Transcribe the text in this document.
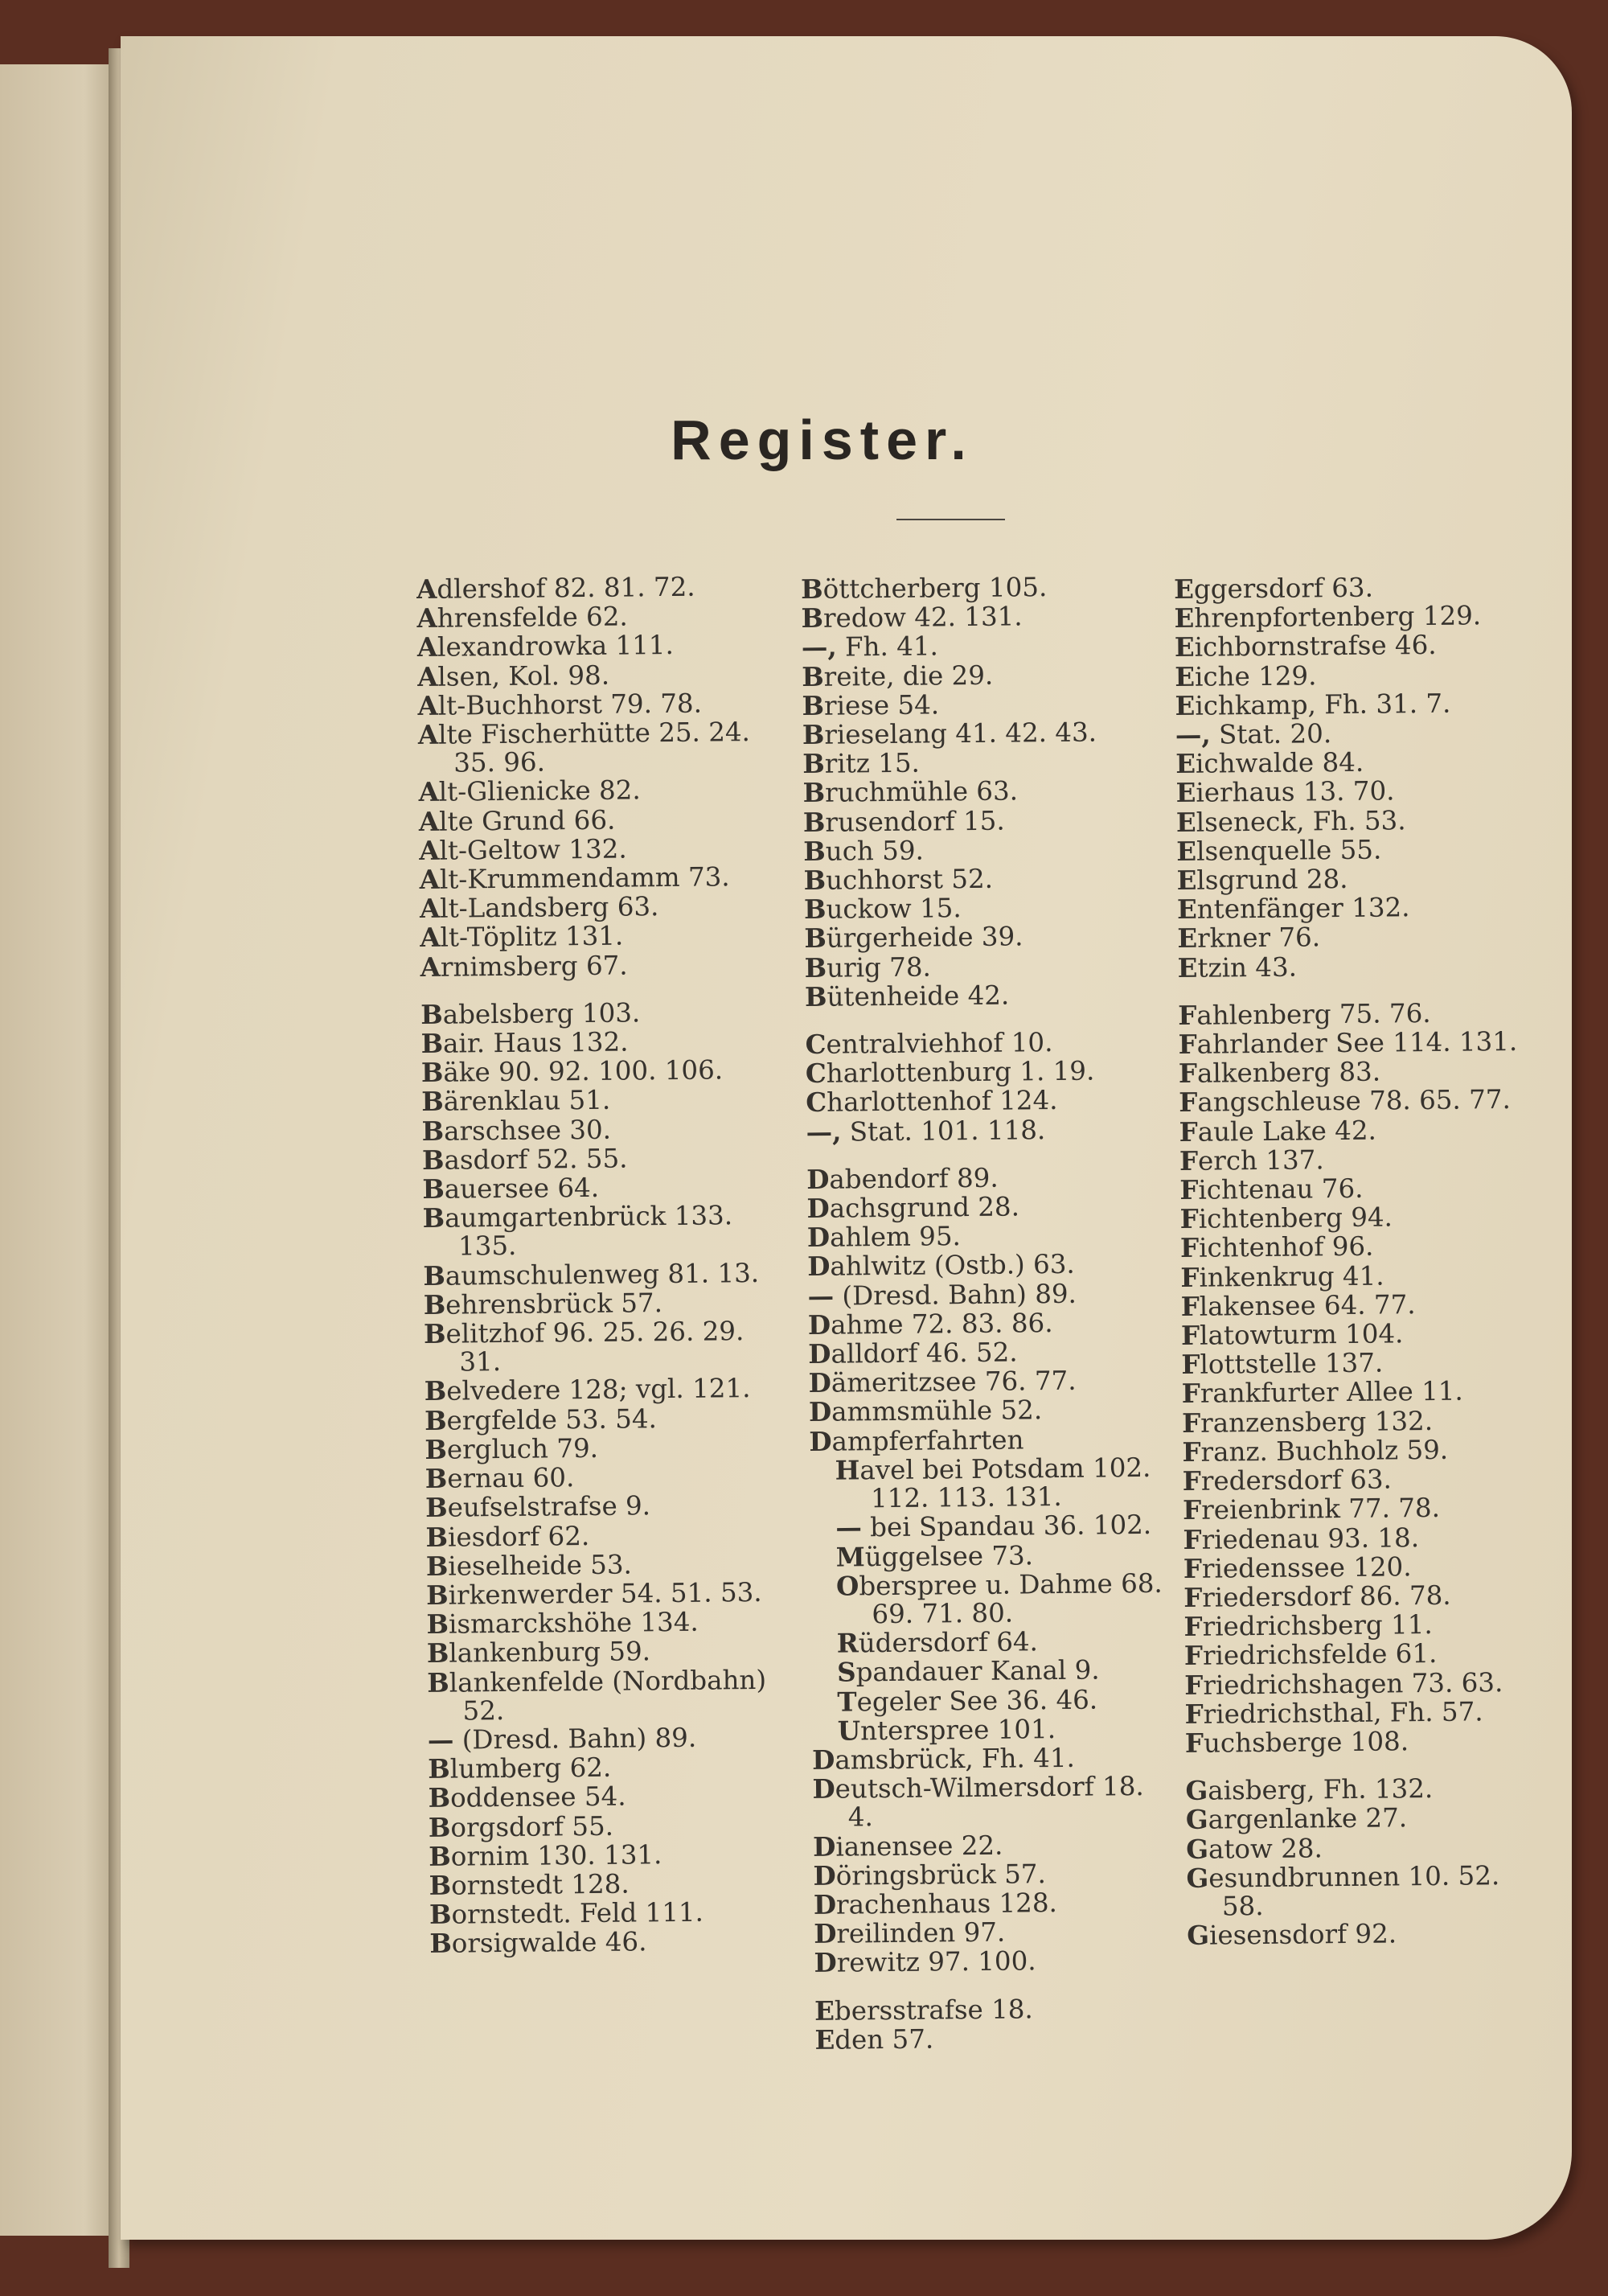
Register.
Adlershof 82. 81. 72.
Ahrensfelde 62.
Alexandrowka 111.
Alsen, Kol. 98.
Alt-Buchhorst 79. 78.
Alte Fischerhütte 25. 24. 35. 96.
Alt-Glienicke 82.
Alte Grund 66.
Alt-Geltow 132.
Alt-Krummendamm 73.
Alt-Landsberg 63.
Alt-Töplitz 131.
Arnimsberg 67.
Babelsberg 103.
Bair. Haus 132.
Bäke 90. 92. 100. 106.
Bärenklau 51.
Barschsee 30.
Basdorf 52. 55.
Bauersee 64.
Baumgartenbrück 133. 135.
Baumschulenweg 81. 13.
Behrensbrück 57.
Belitzhof 96. 25. 26. 29. 31.
Belvedere 128; vgl. 121.
Bergfelde 53. 54.
Bergluch 79.
Bernau 60.
Beufselstrafse 9.
Biesdorf 62.
Bieselheide 53.
Birkenwerder 54. 51. 53.
Bismarckshöhe 134.
Blankenburg 59.
Blankenfelde (Nordbahn) 52.
— (Dresd. Bahn) 89.
Blumberg 62.
Boddensee 54.
Borgsdorf 55.
Bornim 130. 131.
Bornstedt 128.
Bornstedt. Feld 111.
Borsigwalde 46.
Böttcherberg 105.
Bredow 42. 131.
—, Fh. 41.
Breite, die 29.
Briese 54.
Brieselang 41. 42. 43.
Britz 15.
Bruchmühle 63.
Brusendorf 15.
Buch 59.
Buchhorst 52.
Buckow 15.
Bürgerheide 39.
Burig 78.
Bütenheide 42.
Centralviehhof 10.
Charlottenburg 1. 19.
Charlottenhof 124.
—, Stat. 101. 118.
Dabendorf 89.
Dachsgrund 28.
Dahlem 95.
Dahlwitz (Ostb.) 63.
— (Dresd. Bahn) 89.
Dahme 72. 83. 86.
Dalldorf 46. 52.
Dämeritzsee 76. 77.
Dammsmühle 52.
Dampferfahrten
Havel bei Potsdam 102. 112. 113. 131.
— bei Spandau 36. 102.
Müggelsee 73.
Oberspree u. Dahme 68. 69. 71. 80.
Rüdersdorf 64.
Spandauer Kanal 9.
Tegeler See 36. 46.
Unterspree 101.
Damsbrück, Fh. 41.
Deutsch-Wilmersdorf 18. 4.
Dianensee 22.
Döringsbrück 57.
Drachenhaus 128.
Dreilinden 97.
Drewitz 97. 100.
Ebersstrafse 18.
Eden 57.
Eggersdorf 63.
Ehrenpfortenberg 129.
Eichbornstrafse 46.
Eiche 129.
Eichkamp, Fh. 31. 7.
—, Stat. 20.
Eichwalde 84.
Eierhaus 13. 70.
Elseneck, Fh. 53.
Elsenquelle 55.
Elsgrund 28.
Entenfänger 132.
Erkner 76.
Etzin 43.
Fahlenberg 75. 76.
Fahrlander See 114. 131.
Falkenberg 83.
Fangschleuse 78. 65. 77.
Faule Lake 42.
Ferch 137.
Fichtenau 76.
Fichtenberg 94.
Fichtenhof 96.
Finkenkrug 41.
Flakensee 64. 77.
Flatowturm 104.
Flottstelle 137.
Frankfurter Allee 11.
Franzensberg 132.
Franz. Buchholz 59.
Fredersdorf 63.
Freienbrink 77. 78.
Friedenau 93. 18.
Friedenssee 120.
Friedersdorf 86. 78.
Friedrichsberg 11.
Friedrichsfelde 61.
Friedrichshagen 73. 63.
Friedrichsthal, Fh. 57.
Fuchsberge 108.
Gaisberg, Fh. 132.
Gargenlanke 27.
Gatow 28.
Gesundbrunnen 10. 52. 58.
Giesensdorf 92.
